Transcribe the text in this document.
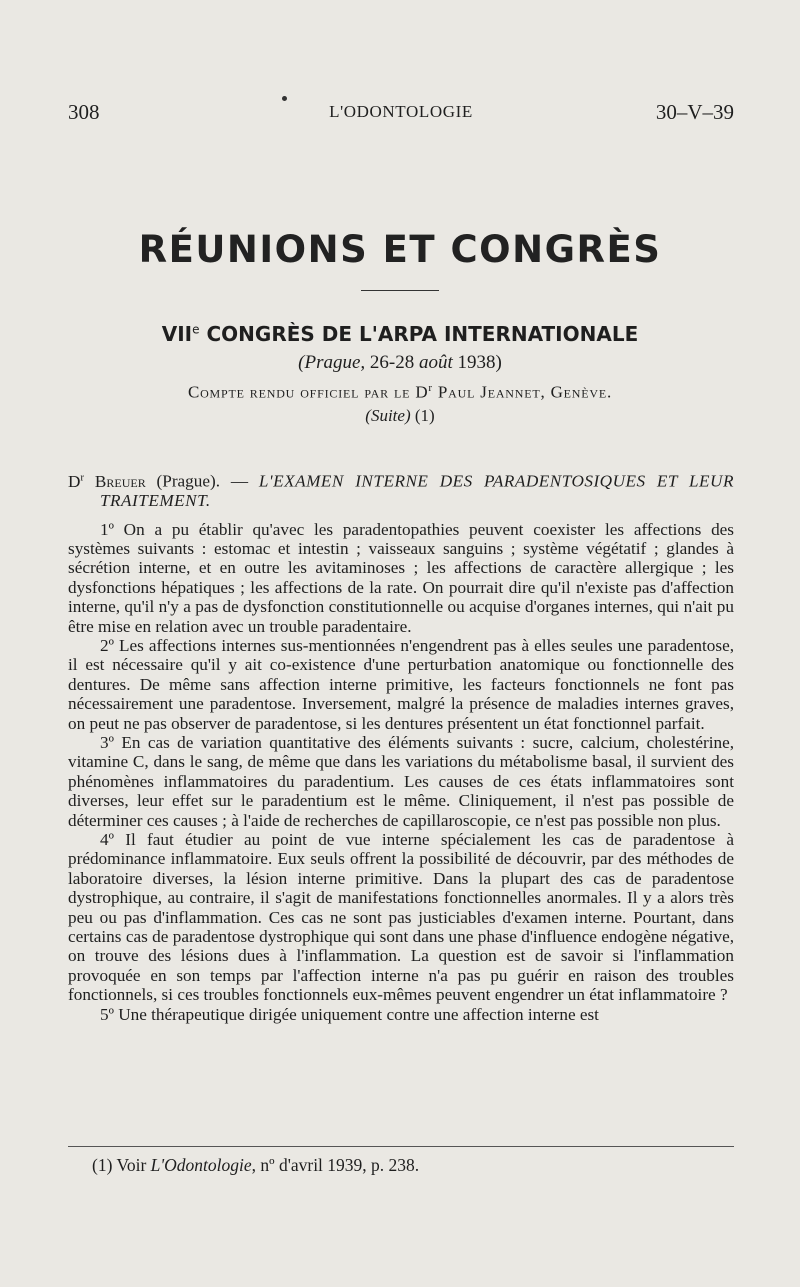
308	L'ODONTOLOGIE	30–V–39
RÉUNIONS ET CONGRÈS
VIIe CONGRÈS DE L'ARPA INTERNATIONALE
(Prague, 26-28 août 1938)
Compte rendu officiel par le $D^r$ Paul Jeannet, Genève.
(Suite) (1)

$D^r$ Breuer (Prague). — L'EXAMEN INTERNE DES PARADENTOSIQUES ET LEUR TRAITEMENT.

1º On a pu établir qu'avec les paradentopathies peuvent coexister les affections des systèmes suivants : estomac et intestin ; vaisseaux sanguins ; système végétatif ; glandes à sécrétion interne, et en outre les avitaminoses ; les affections de caractère allergique ; les dysfonctions hépatiques ; les affections de la rate. On pourrait dire qu'il n'existe pas d'affection interne, qu'il n'y a pas de dysfonction constitutionnelle ou acquise d'organes internes, qui n'ait pu être mise en relation avec un trouble paradentaire.

2º Les affections internes sus-mentionnées n'engendrent pas à elles seules une paradentose, il est nécessaire qu'il y ait co-existence d'une perturbation anatomique ou fonctionnelle des dentures. De même sans affection interne primitive, les facteurs fonctionnels ne font pas nécessairement une paradentose. Inversement, malgré la présence de maladies internes graves, on peut ne pas observer de paradentose, si les dentures présentent un état fonctionnel parfait.

3º En cas de variation quantitative des éléments suivants : sucre, calcium, cholestérine, vitamine C, dans le sang, de même que dans les variations du métabolisme basal, il survient des phénomènes inflammatoires du paradentium. Les causes de ces états inflammatoires sont diverses, leur effet sur le paradentium est le même. Cliniquement, il n'est pas possible de déterminer ces causes ; à l'aide de recherches de capillaroscopie, ce n'est pas possible non plus.

4º Il faut étudier au point de vue interne spécialement les cas de paradentose à prédominance inflammatoire. Eux seuls offrent la possibilité de découvrir, par des méthodes de laboratoire diverses, la lésion interne primitive. Dans la plupart des cas de paradentose dystrophique, au contraire, il s'agit de manifestations fonctionnelles anormales. Il y a alors très peu ou pas d'inflammation. Ces cas ne sont pas justiciables d'examen interne. Pourtant, dans certains cas de paradentose dystrophique qui sont dans une phase d'influence endogène négative, on trouve des lésions dues à l'inflammation. La question est de savoir si l'inflammation provoquée en son temps par l'affection interne n'a pas pu guérir en raison des troubles fonctionnels, si ces troubles fonctionnels eux-mêmes peuvent engendrer un état inflammatoire ?

5º Une thérapeutique dirigée uniquement contre une affection interne est

(1) Voir L'Odontologie, nº d'avril 1939, p. 238.
